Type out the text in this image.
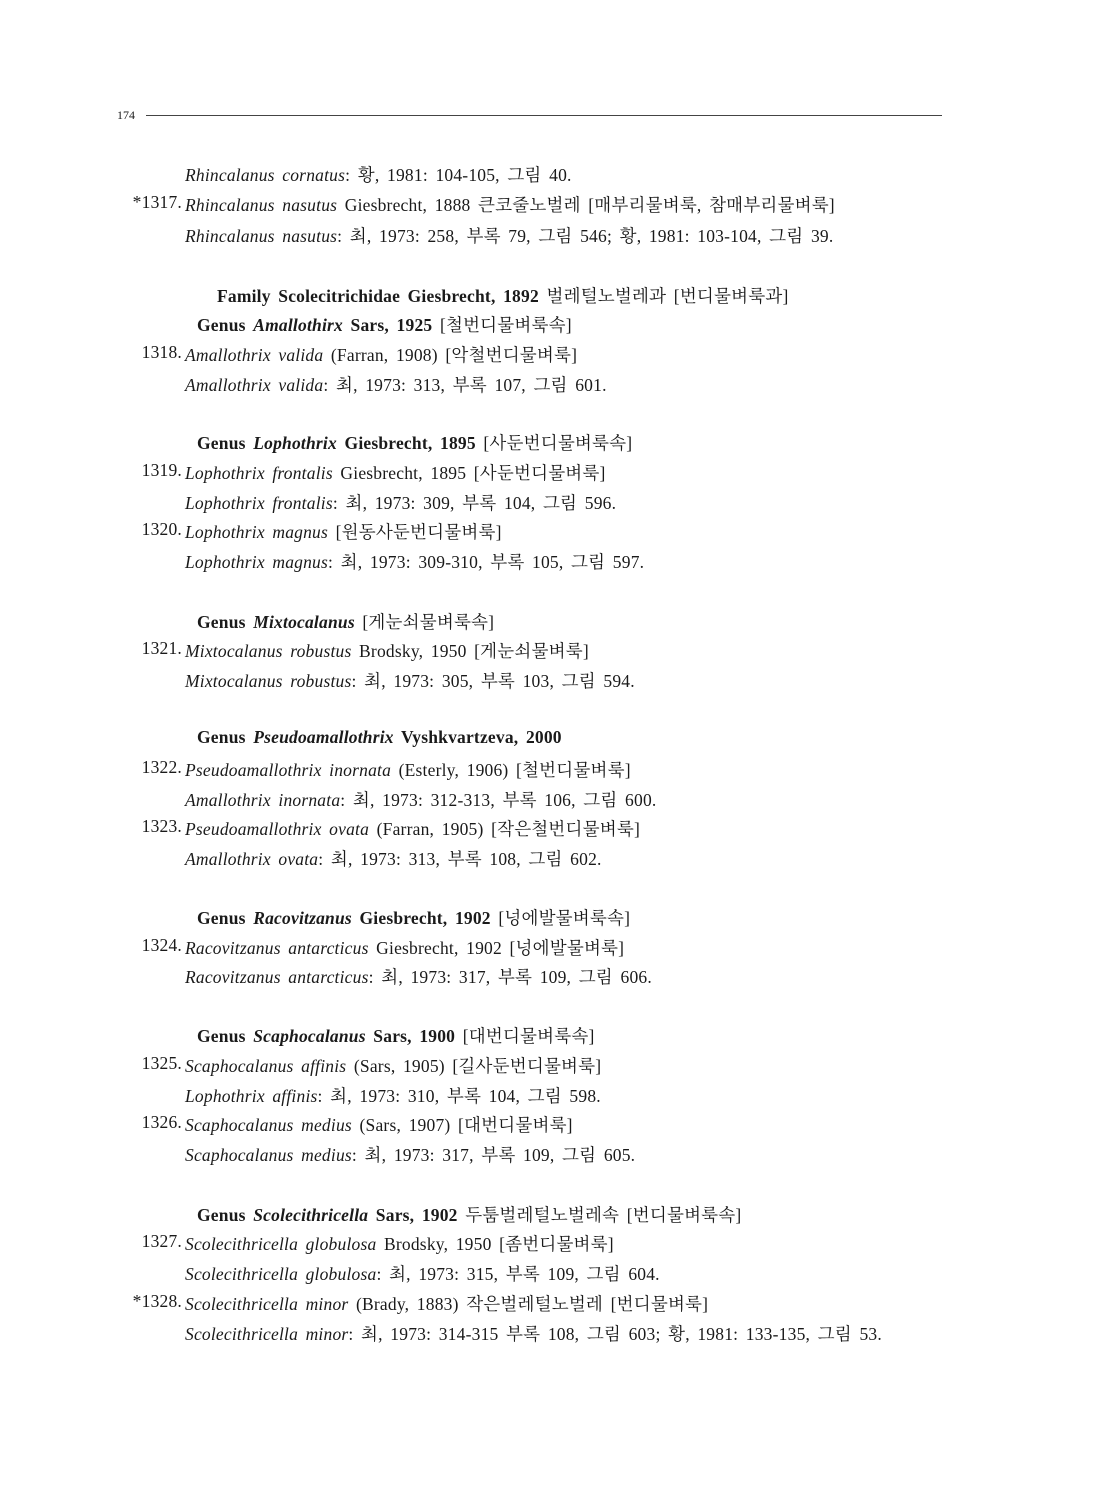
174
Rhincalanus cornatus: 황, 1981: 104-105, 그림 40.
*1317. Rhincalanus nasutus Giesbrecht, 1888 큰코줄노벌레 [매부리물벼룩, 참매부리물벼룩]
Rhincalanus nasutus: 최, 1973: 258, 부록 79, 그림 546; 황, 1981: 103-104, 그림 39.
Family Scolecitrichidae Giesbrecht, 1892 벌레털노벌레과 [번디물벼룩과]
Genus Amallothirx Sars, 1925 [철번디물벼룩속]
1318. Amallothrix valida (Farran, 1908) [악철번디물벼룩]
Amallothrix valida: 최, 1973: 313, 부록 107, 그림 601.
Genus Lophothrix Giesbrecht, 1895 [사둔번디물벼룩속]
1319. Lophothrix frontalis Giesbrecht, 1895 [사둔번디물벼룩]
Lophothrix frontalis: 최, 1973: 309, 부록 104, 그림 596.
1320. Lophothrix magnus [원동사둔번디물벼룩]
Lophothrix magnus: 최, 1973: 309-310, 부록 105, 그림 597.
Genus Mixtocalanus [게눈쇠물벼룩속]
1321. Mixtocalanus robustus Brodsky, 1950 [게눈쇠물벼룩]
Mixtocalanus robustus: 최, 1973: 305, 부록 103, 그림 594.
Genus Pseudoamallothrix Vyshkvartzeva, 2000
1322. Pseudoamallothrix inornata (Esterly, 1906) [철번디물벼룩]
Amallothrix inornata: 최, 1973: 312-313, 부록 106, 그림 600.
1323. Pseudoamallothrix ovata (Farran, 1905) [작은철번디물벼룩]
Amallothrix ovata: 최, 1973: 313, 부록 108, 그림 602.
Genus Racovitzanus Giesbrecht, 1902 [넝에발물벼룩속]
1324. Racovitzanus antarcticus Giesbrecht, 1902 [넝에발물벼룩]
Racovitzanus antarcticus: 최, 1973: 317, 부록 109, 그림 606.
Genus Scaphocalanus Sars, 1900 [대번디물벼룩속]
1325. Scaphocalanus affinis (Sars, 1905) [길사둔번디물벼룩]
Lophothrix affinis: 최, 1973: 310, 부록 104, 그림 598.
1326. Scaphocalanus medius (Sars, 1907) [대번디물벼룩]
Scaphocalanus medius: 최, 1973: 317, 부록 109, 그림 605.
Genus Scolecithricella Sars, 1902 두툼벌레털노벌레속 [번디물벼룩속]
1327. Scolecithricella globulosa Brodsky, 1950 [좀번디물벼룩]
Scolecithricella globulosa: 최, 1973: 315, 부록 109, 그림 604.
*1328. Scolecithricella minor (Brady, 1883) 작은벌레털노벌레 [번디물벼룩]
Scolecithricella minor: 최, 1973: 314-315 부록 108, 그림 603; 황, 1981: 133-135, 그림 53.
